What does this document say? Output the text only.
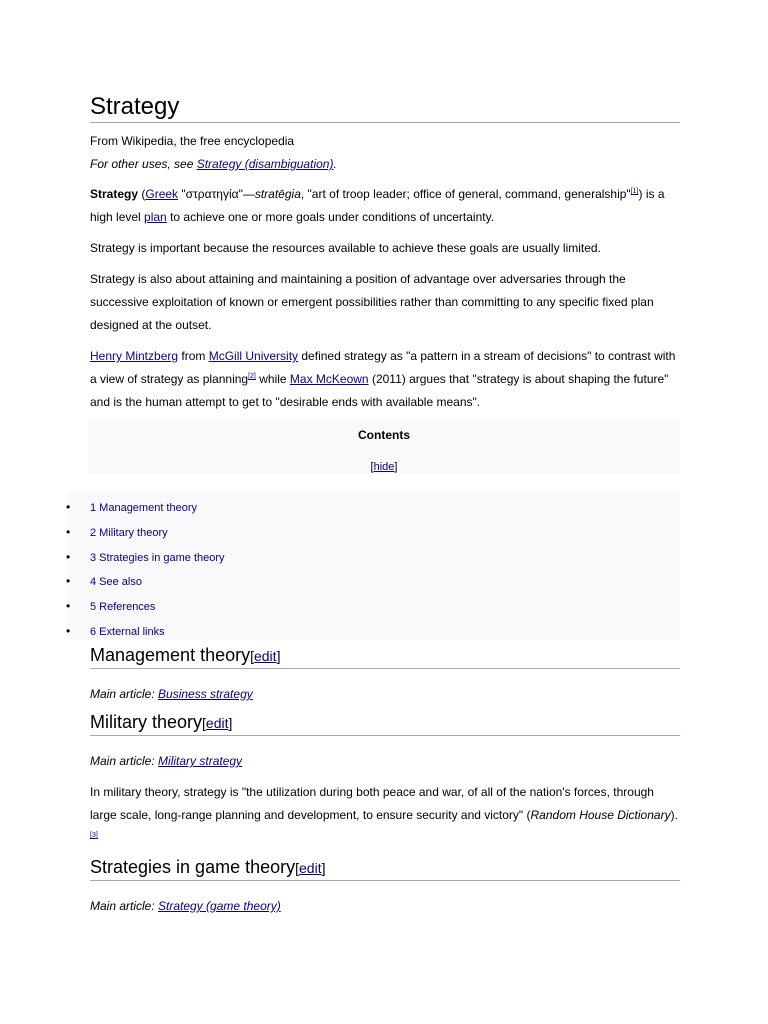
Strategy
From Wikipedia, the free encyclopedia
For other uses, see Strategy (disambiguation).

Strategy (Greek "στρατηγία"—stratēgia, "art of troop leader; office of general, command, generalship"[1]) is a high level plan to achieve one or more goals under conditions of uncertainty.

Strategy is important because the resources available to achieve these goals are usually limited.

Strategy is also about attaining and maintaining a position of advantage over adversaries through the successive exploitation of known or emergent possibilities rather than committing to any specific fixed plan designed at the outset.

Henry Mintzberg from McGill University defined strategy as "a pattern in a stream of decisions" to contrast with a view of strategy as planning[2] while Max McKeown (2011) argues that "strategy is about shaping the future" and is the human attempt to get to "desirable ends with available means".

Contents
[hide]
• 1 Management theory
• 2 Military theory
• 3 Strategies in game theory
• 4 See also
• 5 References
• 6 External links
Management theory[edit]
Main article: Business strategy
Military theory[edit]
Main article: Military strategy

In military theory, strategy is "the utilization during both peace and war, of all of the nation's forces, through large scale, long-range planning and development, to ensure security and victory" (Random House Dictionary).[3]

Strategies in game theory[edit]
Main article: Strategy (game theory)
